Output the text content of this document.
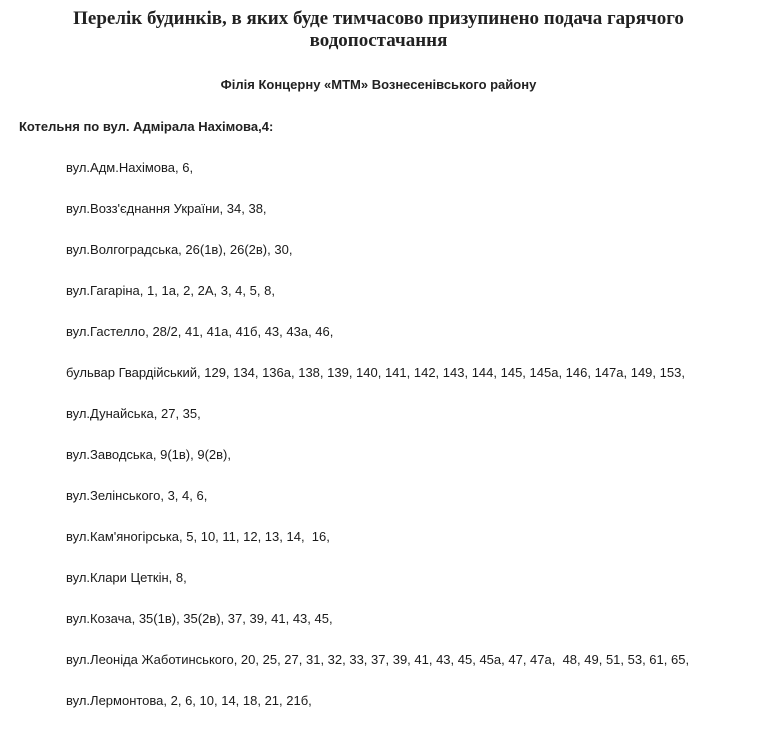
Перелік будинків, в яких буде тимчасово призупинено подача гарячого водопостачання
Філія Концерну «МТМ» Вознесенівського району
Котельня по вул. Адмірала Нахімова,4:
вул.Адм.Нахімова, 6,
вул.Возз'єднання України, 34, 38,
вул.Волгоградська, 26(1в), 26(2в), 30,
вул.Гагаріна, 1, 1а, 2, 2А, 3, 4, 5, 8,
вул.Гастелло, 28/2, 41, 41а, 41б, 43, 43а, 46,
бульвар Гвардійський, 129, 134, 136а, 138, 139, 140, 141, 142, 143, 144, 145, 145а, 146, 147а, 149, 153,
вул.Дунайська, 27, 35,
вул.Заводська, 9(1в), 9(2в),
вул.Зелінського, 3, 4, 6,
вул.Кам'яногірська, 5, 10, 11, 12, 13, 14,  16,
вул.Клари Цеткін, 8,
вул.Козача, 35(1в), 35(2в), 37, 39, 41, 43, 45,
вул.Леоніда Жаботинського, 20, 25, 27, 31, 32, 33, 37, 39, 41, 43, 45, 45а, 47, 47а,  48, 49, 51, 53, 61, 65,
вул.Лермонтова, 2, 6, 10, 14, 18, 21, 21б,
